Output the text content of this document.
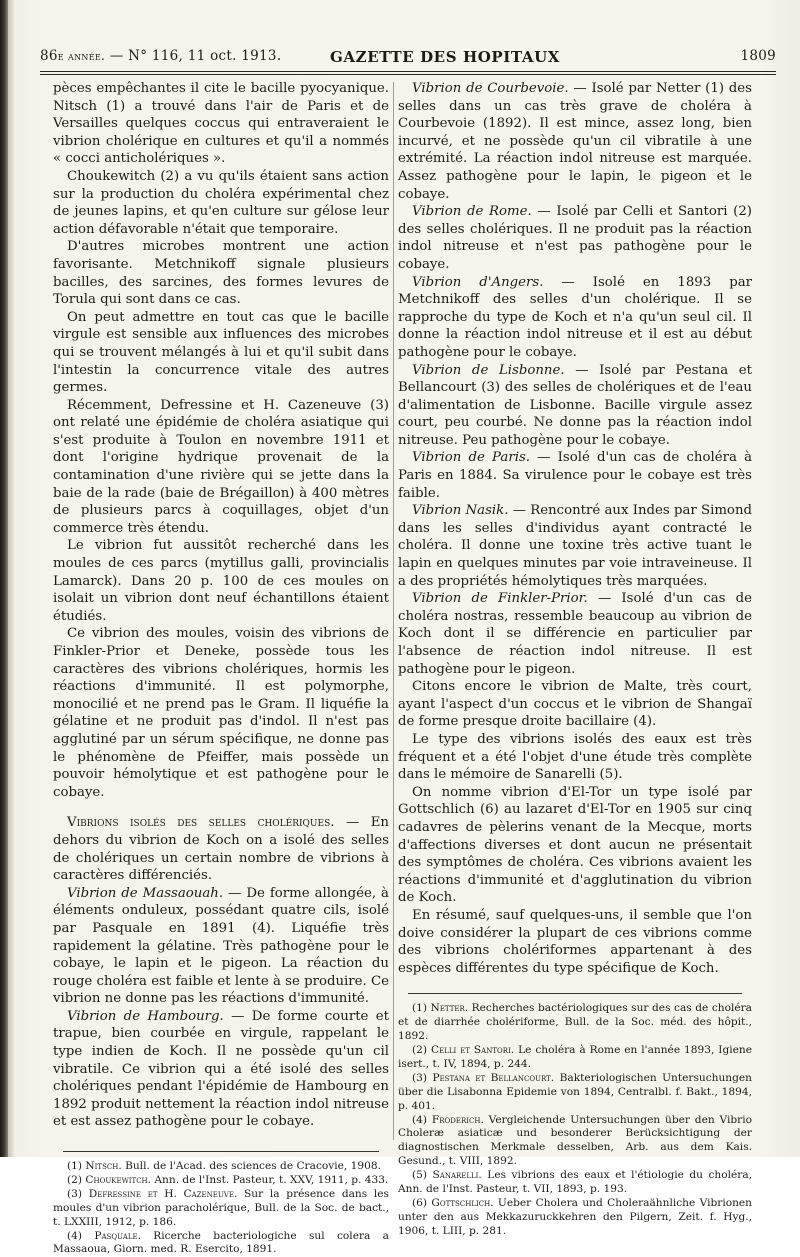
86e année. — N° 116, 11 oct. 1913.	GAZETTE DES HOPITAUX	1809

pèces empêchantes il cite le bacille pyocyanique. Nitsch (1) a trouvé dans l'air de Paris et de Versailles quelques coccus qui entraveraient le vibrion cholérique en cultures et qu'il a nommés « cocci anticholériques ».

Choukewitch (2) a vu qu'ils étaient sans action sur la production du choléra expérimental chez de jeunes lapins, et qu'en culture sur gélose leur action défavorable n'était que temporaire.

D'autres microbes montrent une action favorisante. Metchnikoff signale plusieurs bacilles, des sarcines, des formes levures de Torula qui sont dans ce cas.

On peut admettre en tout cas que le bacille virgule est sensible aux influences des microbes qui se trouvent mélangés à lui et qu'il subit dans l'intestin la concurrence vitale des autres germes.

Récemment, Defressine et H. Cazeneuve (3) ont relaté une épidémie de choléra asiatique qui s'est produite à Toulon en novembre 1911 et dont l'origine hydrique provenait de la contamination d'une rivière qui se jette dans la baie de la rade (baie de Brégaillon) à 400 mètres de plusieurs parcs à coquillages, objet d'un commerce très étendu.

Le vibrion fut aussitôt recherché dans les moules de ces parcs (mytillus galli, provincialis Lamarck). Dans 20 p. 100 de ces moules on isolait un vibrion dont neuf échantillons étaient étudiés.

Ce vibrion des moules, voisin des vibrions de Finkler-Prior et Deneke, possède tous les caractères des vibrions cholériques, hormis les réactions d'immunité. Il est polymorphe, monocilié et ne prend pas le Gram. Il liquéfie la gélatine et ne produit pas d'indol. Il n'est pas agglutiné par un sérum spécifique, ne donne pas le phénomène de Pfeiffer, mais possède un pouvoir hémolytique et est pathogène pour le cobaye.

Vibrions isolés des selles cholériques. — En dehors du vibrion de Koch on a isolé des selles de cholériques un certain nombre de vibrions à caractères différenciés.

Vibrion de Massaouah. — De forme allongée, à éléments onduleux, possédant quatre cils, isolé par Pasquale en 1891 (4). Liquéfie très rapidement la gélatine. Très pathogène pour le cobaye, le lapin et le pigeon. La réaction du rouge choléra est faible et lente à se produire. Ce vibrion ne donne pas les réactions d'immunité.

Vibrion de Hambourg. — De forme courte et trapue, bien courbée en virgule, rappelant le type indien de Koch. Il ne possède qu'un cil vibratile. Ce vibrion qui a été isolé des selles cholériques pendant l'épidémie de Hambourg en 1892 produit nettement la réaction indol nitreuse et est assez pathogène pour le cobaye.

(1) Nitsch. Bull. de l'Acad. des sciences de Cracovie, 1908.

(2) Choukewitch. Ann. de l'Inst. Pasteur, t. XXV, 1911, p. 433.

(3) Defressine et H. Cazeneuve. Sur la présence dans les moules d'un vibrion paracholérique, Bull. de la Soc. de bact., t. LXXIII, 1912, p. 186.

(4) Pasquale. Ricerche bacteriologiche sul colera a Massaoua, Giorn. med. R. Esercito, 1891.

Vibrion de Courbevoie. — Isolé par Netter (1) des selles dans un cas très grave de choléra à Courbevoie (1892). Il est mince, assez long, bien incurvé, et ne possède qu'un cil vibratile à une extrémité. La réaction indol nitreuse est marquée. Assez pathogène pour le lapin, le pigeon et le cobaye.

Vibrion de Rome. — Isolé par Celli et Santori (2) des selles cholériques. Il ne produit pas la réaction indol nitreuse et n'est pas pathogène pour le cobaye.

Vibrion d'Angers. — Isolé en 1893 par Metchnikoff des selles d'un cholérique. Il se rapproche du type de Koch et n'a qu'un seul cil. Il donne la réaction indol nitreuse et il est au début pathogène pour le cobaye.

Vibrion de Lisbonne. — Isolé par Pestana et Bellancourt (3) des selles de cholériques et de l'eau d'alimentation de Lisbonne. Bacille virgule assez court, peu courbé. Ne donne pas la réaction indol nitreuse. Peu pathogène pour le cobaye.

Vibrion de Paris. — Isolé d'un cas de choléra à Paris en 1884. Sa virulence pour le cobaye est très faible.

Vibrion Nasik. — Rencontré aux Indes par Simond dans les selles d'individus ayant contracté le choléra. Il donne une toxine très active tuant le lapin en quelques minutes par voie intraveineuse. Il a des propriétés hémolytiques très marquées.

Vibrion de Finkler-Prior. — Isolé d'un cas de choléra nostras, ressemble beaucoup au vibrion de Koch dont il se différencie en particulier par l'absence de réaction indol nitreuse. Il est pathogène pour le pigeon.

Citons encore le vibrion de Malte, très court, ayant l'aspect d'un coccus et le vibrion de Shangaï de forme presque droite bacillaire (4).

Le type des vibrions isolés des eaux est très fréquent et a été l'objet d'une étude très complète dans le mémoire de Sanarelli (5).

On nomme vibrion d'El-Tor un type isolé par Gottschlich (6) au lazaret d'El-Tor en 1905 sur cinq cadavres de pèlerins venant de la Mecque, morts d'affections diverses et dont aucun ne présentait des symptômes de choléra. Ces vibrions avaient les réactions d'immunité et d'agglutination du vibrion de Koch.

En résumé, sauf quelques-uns, il semble que l'on doive considérer la plupart de ces vibrions comme des vibrions cholériformes appartenant à des espèces différentes du type spécifique de Koch.

(1) Netter. Recherches bactériologiques sur des cas de choléra et de diarrhée cholériforme, Bull. de la Soc. méd. des hôpit., 1892.

(2) Celli et Santori. Le choléra à Rome en l'année 1893, Igiene isert., t. IV, 1894, p. 244.

(3) Pestana et Bellancourt. Bakteriologischen Untersuchungen über die Lisabonna Epidemie von 1894, Centralbl. f. Bakt., 1894, p. 401.

(4) Froderich. Vergleichende Untersuchungen über den Vibrio Choleræ asiaticæ und besonderer Berücksichtigung der diagnostischen Merkmale desselben, Arb. aus dem Kais. Gesund., t. VIII, 1892.

(5) Sanarelli. Les vibrions des eaux et l'étiologie du choléra, Ann. de l'Inst. Pasteur, t. VII, 1893, p. 193.

(6) Gottschlich. Ueber Cholera und Choleraähnliche Vibrionen unter den aus Mekkazuruckkehren den Pilgern, Zeit. f. Hyg., 1906, t. LIII, p. 281.
